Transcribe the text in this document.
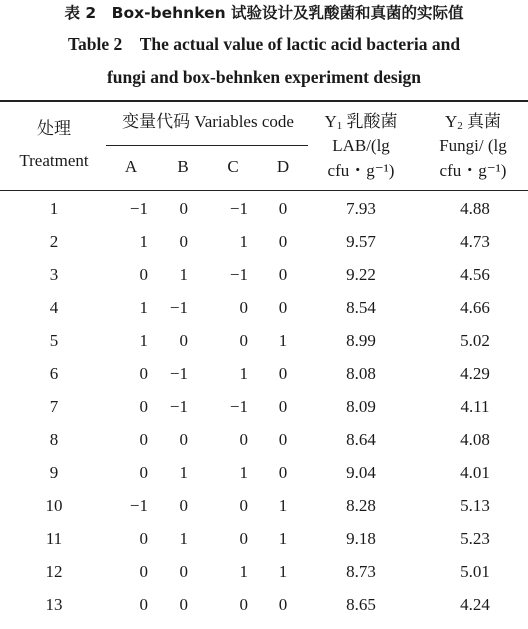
表 2　Box-behnken 试验设计及乳酸菌和真菌的实际值
Table 2　The actual value of lactic acid bacteria and
fungi and box-behnken experiment design
处理
Treatment
变量代码 Variables code
A	B	C	D
$Y_1$ 乳酸菌
LAB/(lg
cfu・g⁻¹)
$Y_2$ 真菌
Fungi/ (lg
cfu・g⁻¹)
1	−1	0	−1	0	7.93	4.88
2	1	0	1	0	9.57	4.73
3	0	1	−1	0	9.22	4.56
4	1	−1	0	0	8.54	4.66
5	1	0	0	1	8.99	5.02
6	0	−1	1	0	8.08	4.29
7	0	−1	−1	0	8.09	4.11
8	0	0	0	0	8.64	4.08
9	0	1	1	0	9.04	4.01
10	−1	0	0	1	8.28	5.13
11	0	1	0	1	9.18	5.23
12	0	0	1	1	8.73	5.01
13	0	0	0	0	8.65	4.24
